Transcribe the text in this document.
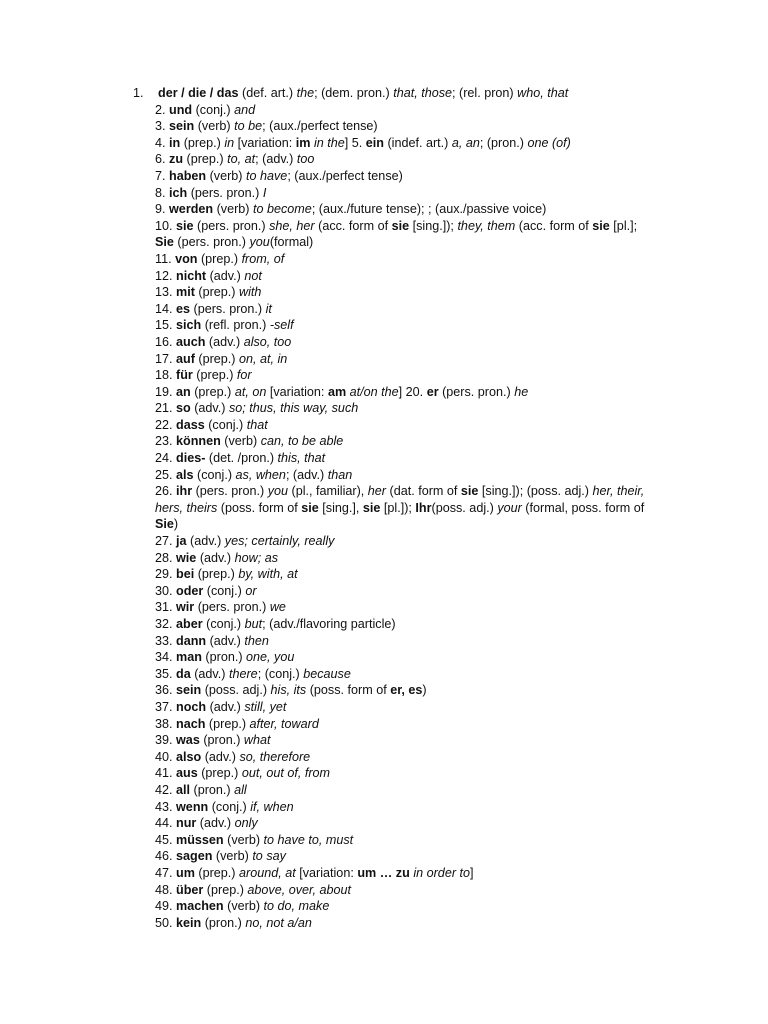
1. der / die / das (def. art.) the; (dem. pron.) that, those; (rel. pron) who, that
2. und (conj.) and
3. sein (verb) to be; (aux./perfect tense)
4. in (prep.) in [variation: im in the] 5. ein (indef. art.) a, an; (pron.) one (of)
6. zu (prep.) to, at; (adv.) too
7. haben (verb) to have; (aux./perfect tense)
8. ich (pers. pron.) I
9. werden (verb) to become; (aux./future tense); ; (aux./passive voice)
10. sie (pers. pron.) she, her (acc. form of sie [sing.]); they, them (acc. form of sie [pl.]; Sie (pers. pron.) you(formal)
11. von (prep.) from, of
12. nicht (adv.) not
13. mit (prep.) with
14. es (pers. pron.) it
15. sich (refl. pron.) -self
16. auch (adv.) also, too
17. auf (prep.) on, at, in
18. für (prep.) for
19. an (prep.) at, on [variation: am at/on the] 20. er (pers. pron.) he
21. so (adv.) so; thus, this way, such
22. dass (conj.) that
23. können (verb) can, to be able
24. dies- (det. /pron.) this, that
25. als (conj.) as, when; (adv.) than
26. ihr (pers. pron.) you (pl., familiar), her (dat. form of sie [sing.]); (poss. adj.) her, their, hers, theirs (poss. form of sie [sing.], sie [pl.]); Ihr(poss. adj.) your (formal, poss. form of Sie)
27. ja (adv.) yes; certainly, really
28. wie (adv.) how; as
29. bei (prep.) by, with, at
30. oder (conj.) or
31. wir (pers. pron.) we
32. aber (conj.) but; (adv./flavoring particle)
33. dann (adv.) then
34. man (pron.) one, you
35. da (adv.) there; (conj.) because
36. sein (poss. adj.) his, its (poss. form of er, es)
37. noch (adv.) still, yet
38. nach (prep.) after, toward
39. was (pron.) what
40. also (adv.) so, therefore
41. aus (prep.) out, out of, from
42. all (pron.) all
43. wenn (conj.) if, when
44. nur (adv.) only
45. müssen (verb) to have to, must
46. sagen (verb) to say
47. um (prep.) around, at [variation: um … zu in order to]
48. über (prep.) above, over, about
49. machen (verb) to do, make
50. kein (pron.) no, not a/an
